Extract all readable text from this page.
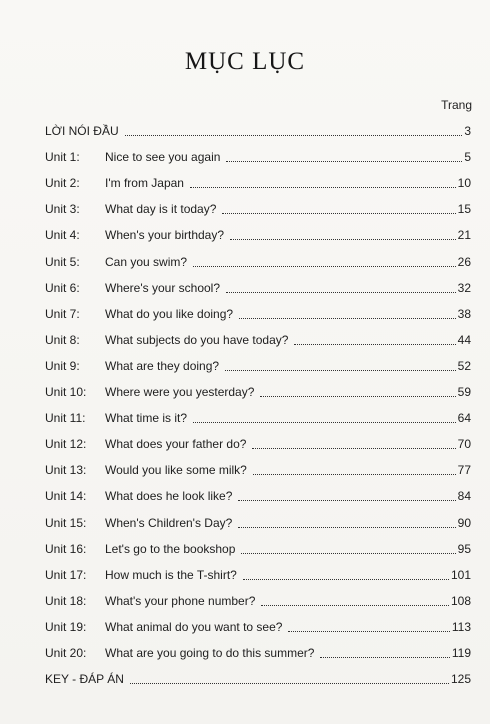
MỤC LỤC
Trang
LỜI NÓI ĐẦU	3
Unit 1: Nice to see you again	5
Unit 2: I'm from Japan	10
Unit 3: What day is it today?	15
Unit 4: When's your birthday?	21
Unit 5: Can you swim?	26
Unit 6: Where's your school?	32
Unit 7: What do you like doing?	38
Unit 8: What subjects do you have today?	44
Unit 9: What are they doing?	52
Unit 10: Where were you yesterday?	59
Unit 11: What time is it?	64
Unit 12: What does your father do?	70
Unit 13: Would you like some milk?	77
Unit 14: What does he look like?	84
Unit 15: When's Children's Day?	90
Unit 16: Let's go to the bookshop	95
Unit 17: How much is the T-shirt?	101
Unit 18: What's your phone number?	108
Unit 19: What animal do you want to see?	113
Unit 20: What are you going to do this summer?	119
KEY - ĐÁP ÁN	125
